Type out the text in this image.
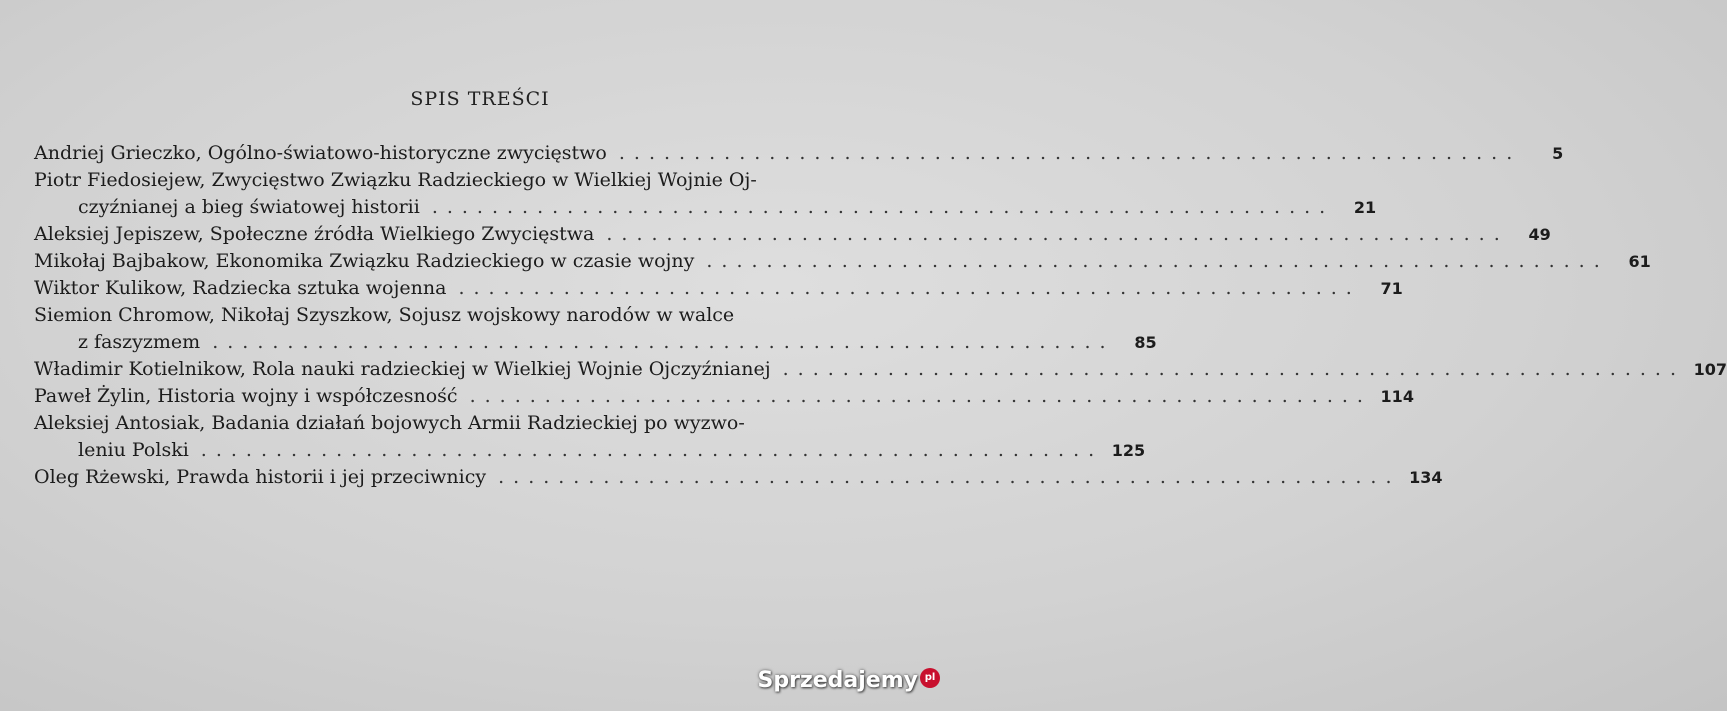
SPIS TREŚCI
Andriej Grieczko, Ogólno-światowo-historyczne zwycięstwo ............................................................	5
Piotr Fiedosiejew, Zwycięstwo Związku Radzieckiego w Wielkiej Wojnie Oj-
czyźnianej a bieg światowej historii ............................................................	21
Aleksiej Jepiszew, Społeczne źródła Wielkiego Zwycięstwa ............................................................	49
Mikołaj Bajbakow, Ekonomika Związku Radzieckiego w czasie wojny ............................................................	61
Wiktor Kulikow, Radziecka sztuka wojenna ............................................................	71
Siemion Chromow, Nikołaj Szyszkow, Sojusz wojskowy narodów w walce
z faszyzmem ............................................................	85
Władimir Kotielnikow, Rola nauki radzieckiej w Wielkiej Wojnie Ojczyźnianej ............................................................ 107
Paweł Żylin, Historia wojny i współczesność ............................................................ 114
Aleksiej Antosiak, Badania działań bojowych Armii Radzieckiej po wyzwo-
leniu Polski ............................................................ 125
Oleg Rżewski, Prawda historii i jej przeciwnicy ............................................................ 134
Sprzedajemy pl
